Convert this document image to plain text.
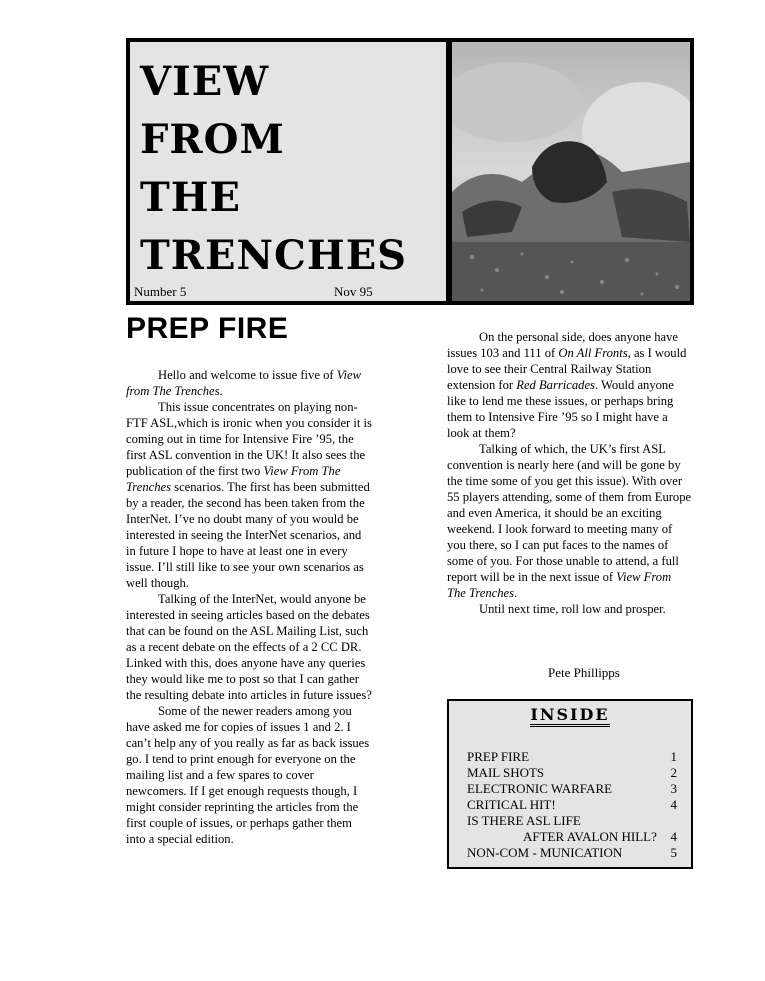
VIEW
FROM
THE
TRENCHES
Number 5	Nov 95
PREP FIRE

Hello and welcome to issue five of View from The Trenches.

This issue concentrates on playing non-FTF ASL,which is ironic when you consider it is coming out in time for Intensive Fire ’95, the first ASL convention in the UK! It also sees the publication of the first two View From The Trenches scenarios. The first has been submitted by a reader, the second has been taken from the InterNet. I’ve no doubt many of you would be interested in seeing the InterNet scenarios, and in future I hope to have at least one in every issue. I’ll still like to see your own scenarios as well though.

Talking of the InterNet, would anyone be interested in seeing articles based on the debates that can be found on the ASL Mailing List, such as a recent debate on the effects of a 2 CC DR. Linked with this, does anyone have any queries they would like me to post so that I can gather the resulting debate into articles in future issues?

Some of the newer readers among you have asked me for copies of issues 1 and 2. I can’t help any of you really as far as back issues go. I tend to print enough for everyone on the mailing list and a few spares to cover newcomers. If I get enough requests though, I might consider reprinting the articles from the first couple of issues, or perhaps gather them into a special edition.

On the personal side, does anyone have issues 103 and 111 of On All Fronts, as I would love to see their Central Railway Station extension for Red Barricades. Would anyone like to lend me these issues, or perhaps bring them to Intensive Fire ’95 so I might have a look at them?

Talking of which, the UK’s first ASL convention is nearly here (and will be gone by the time some of you get this issue). With over 55 players attending, some of them from Europe and even America, it should be an exciting weekend. I look forward to meeting many of you there, so I can put faces to the names of some of you. For those unable to attend, a full report will be in the next issue of View From The Trenches.

Until next time, roll low and prosper.

Pete Phillipps
INSIDE
PREP FIRE	1
MAIL SHOTS	2
ELECTRONIC WARFARE	3
CRITICAL HIT!	4
IS THERE ASL LIFE
AFTER AVALON HILL? 4
NON-COM - MUNICATION	5
